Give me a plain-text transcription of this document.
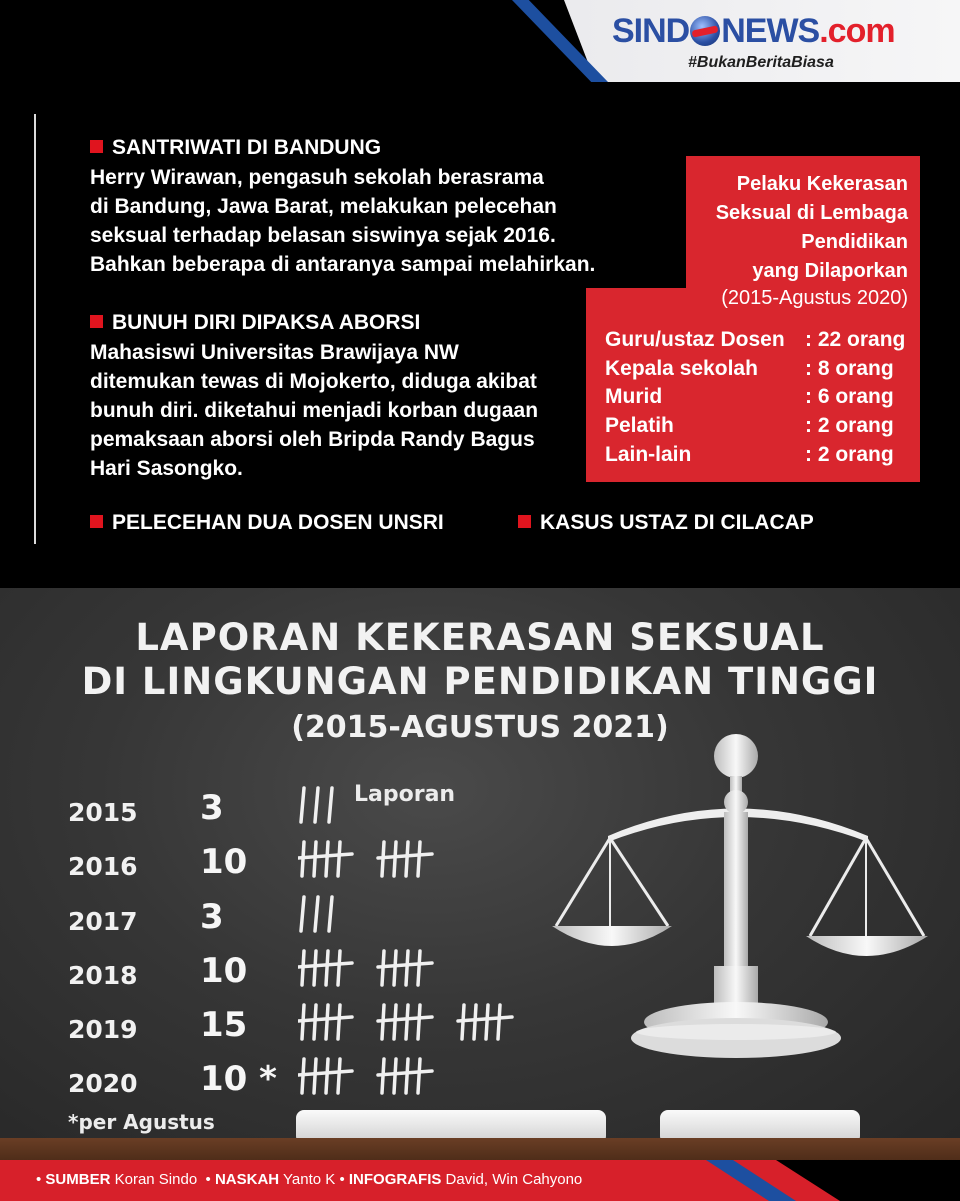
SIND NEWS.com
#BukanBeritaBiasa
SANTRIWATI DI BANDUNG
Herry Wirawan, pengasuh sekolah berasrama
di Bandung, Jawa Barat, melakukan pelecehan
seksual terhadap belasan siswinya sejak 2016.
Bahkan beberapa di antaranya sampai melahirkan.
BUNUH DIRI DIPAKSA ABORSI
Mahasiswi Universitas Brawijaya NW
ditemukan tewas di Mojokerto, diduga akibat
bunuh diri. diketahui menjadi korban dugaan
pemaksaan aborsi oleh Bripda Randy Bagus
Hari Sasongko.
PELECEHAN DUA DOSEN UNSRI	KASUS USTAZ DI CILACAP
Pelaku Kekerasan
Seksual di Lembaga
Pendidikan
yang Dilaporkan
(2015-Agustus 2020)
Guru/ustaz Dosen : 22 orang
Kepala sekolah : 8 orang
Murid	: 6 orang
Pelatih	: 2 orang
Lain-lain	: 2 orang
LAPORAN KEKERASAN SEKSUAL
DI LINGKUNGAN PENDIDIKAN TINGGI
(2015-AGUSTUS 2021)
Laporan
2015 3
2016 10
2017 3
2018 10
2019 15
2020 10 *
*per Agustus
• SUMBER Koran Sindo  • NASKAH Yanto K • INFOGRAFIS David, Win Cahyono
